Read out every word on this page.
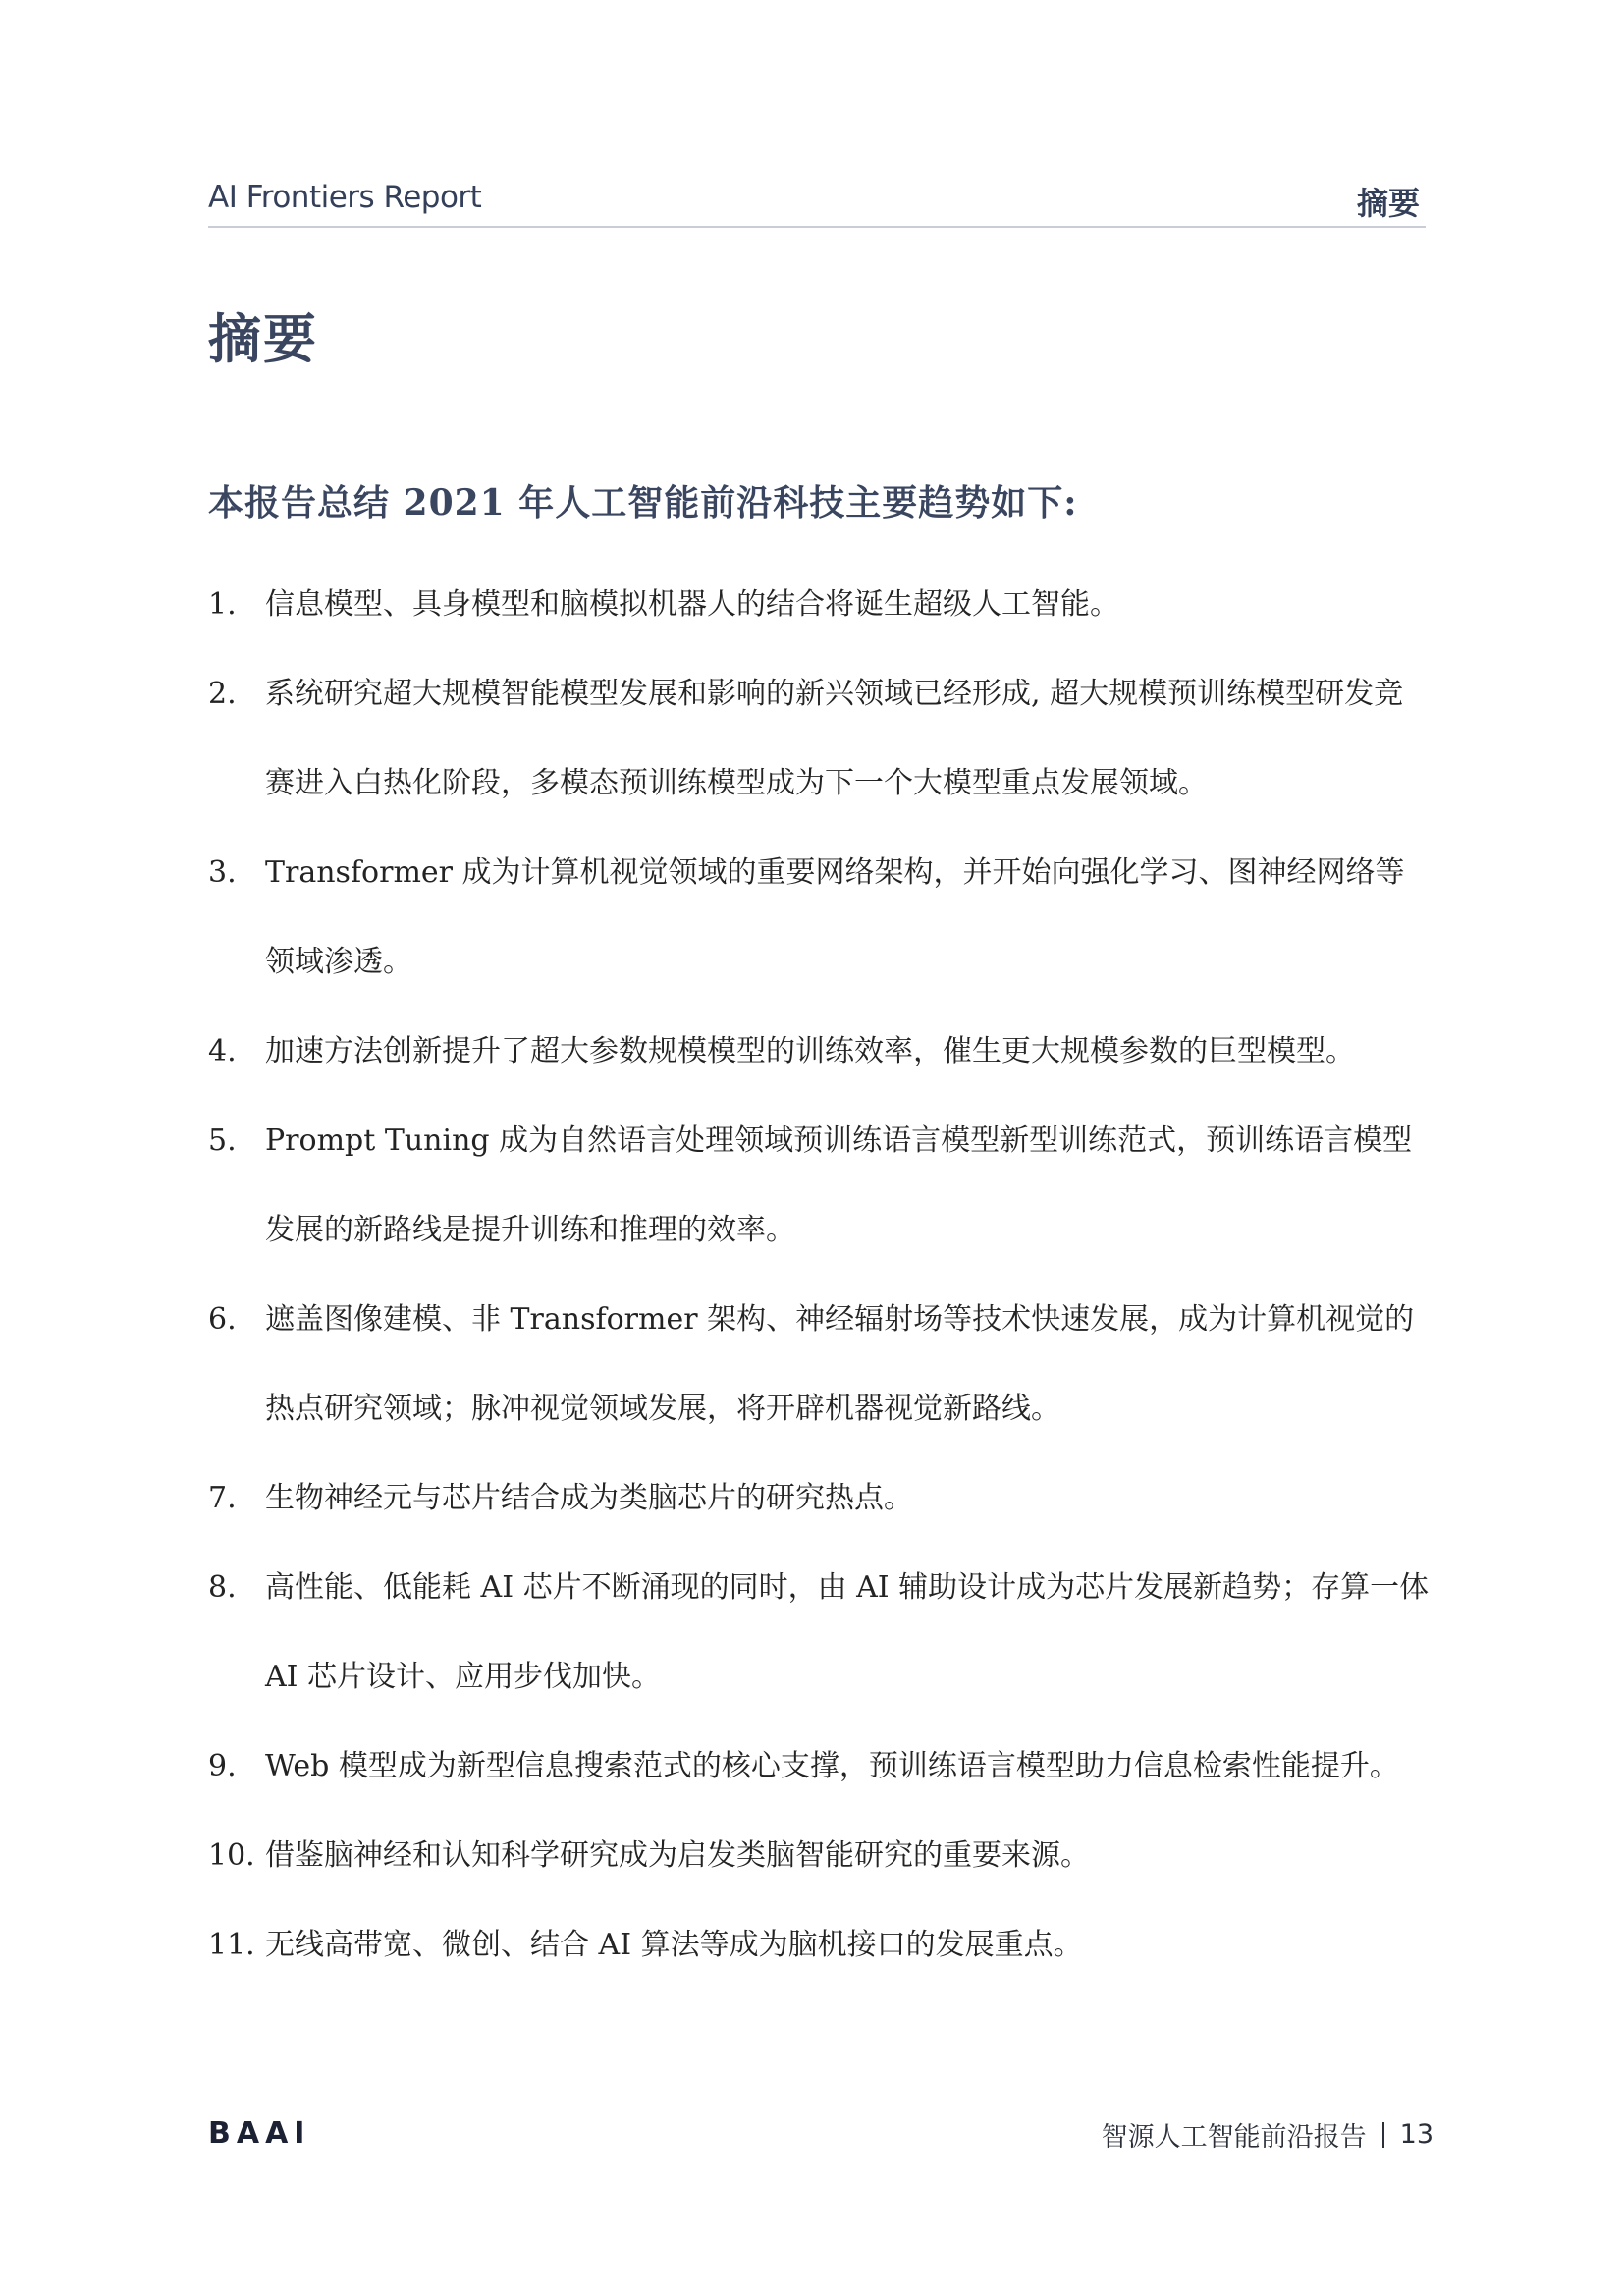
AI Frontiers Report	摘要
摘要
本报告总结 2021 年人工智能前沿科技主要趋势如下:
1. 信息模型、具身模型和脑模拟机器人的结合将诞生超级人工智能。
2. 系统研究超大规模智能模型发展和影响的新兴领域已经形成, 超大规模预训练模型研发竞赛进入白热化阶段，多模态预训练模型成为下一个大模型重点发展领域。
3. Transformer 成为计算机视觉领域的重要网络架构，并开始向强化学习、图神经网络等领域渗透。
4. 加速方法创新提升了超大参数规模模型的训练效率，催生更大规模参数的巨型模型。
5. Prompt Tuning 成为自然语言处理领域预训练语言模型新型训练范式，预训练语言模型发展的新路线是提升训练和推理的效率。
6. 遮盖图像建模、非 Transformer 架构、神经辐射场等技术快速发展，成为计算机视觉的热点研究领域；脉冲视觉领域发展，将开辟机器视觉新路线。
7. 生物神经元与芯片结合成为类脑芯片的研究热点。
8. 高性能、低能耗 AI 芯片不断涌现的同时，由 AI 辅助设计成为芯片发展新趋势；存算一体 AI 芯片设计、应用步伐加快。
9. Web 模型成为新型信息搜索范式的核心支撑，预训练语言模型助力信息检索性能提升。
10. 借鉴脑神经和认知科学研究成为启发类脑智能研究的重要来源。
11. 无线高带宽、微创、结合 AI 算法等成为脑机接口的发展重点。
BAAI	智源人工智能前沿报告 13
